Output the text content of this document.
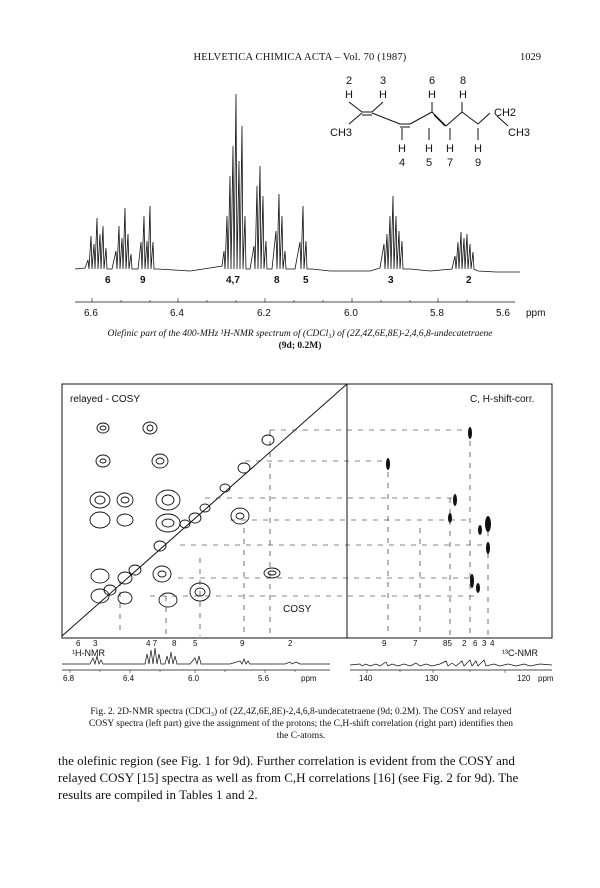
HELVETICA CHIMICA ACTA – Vol. 70 (1987)	1029
2	3	6 8
H H	H H
CH3
CH2
CH3
H H H H
4 5 7 9
6	9	4,7	8 5	3	2
6.6	6.4	6.2	6.0	5.8	5.6 ppm
Olefinic part of the 400-MHz ¹H-NMR spectrum of (CDCl₃) of (2Z,4Z,6E,8E)-2,4,6,8-undecatetraene
(9d; 0.2M)
relayed - COSY	C, H-shift-corr.
COSY
6 3	4 7 8 5	9	2	9	7	85 2 6 3 4
¹H-NMR	¹³C-NMR
6.8	6.4	6.0	5.6	ppm	140	130	120 ppm
Fig. 2. 2D-NMR spectra (CDCl₃) of (2Z,4Z,6E,8E)-2,4,6,8-undecatetraene (9d; 0.2M). The COSY and relayed
COSY spectra (left part) give the assignment of the protons; the C,H-shift correlation (right part) identifies then
the C-atoms.
the olefinic region (see Fig. 1 for 9d). Further correlation is evident from the COSY and
relayed COSY [15] spectra as well as from C,H correlations [16] (see Fig. 2 for 9d). The
results are compiled in Tables 1 and 2.
